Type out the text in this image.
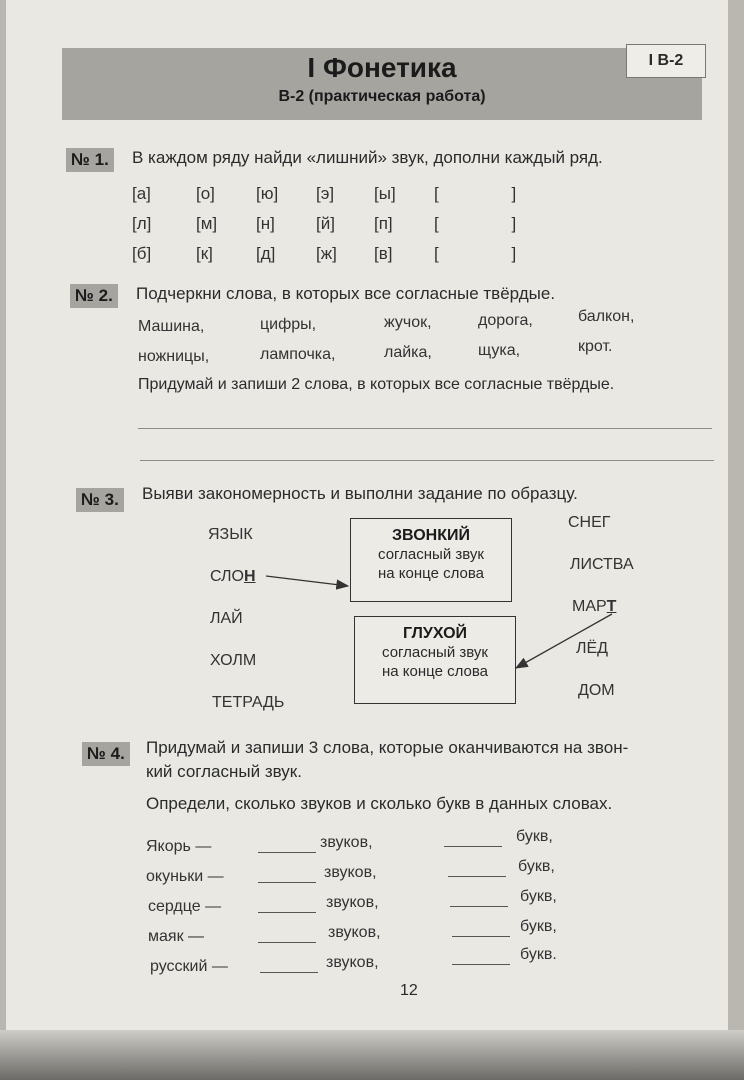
I Фонетика
В-2 (практическая работа)
I В-2
№ 1. В каждом ряду найди «лишний» звук, дополни каждый ряд.
[а]	[о] [ю] [э] [ы] [ ]
[л]	[м] [н] [й] [п] [ ]
[б]	[к]	[д] [ж] [в] [ ]
№ 2. Подчеркни слова, в которых все согласные твёрдые.
Машина,	цифры,	жучок,	дорога,	балкон,
ножницы,	лампочка,	лайка,	щука,	крот.
Придумай и запиши 2 слова, в которых все согласные твёрдые.
№ 3. Выяви закономерность и выполни задание по образцу.
ЯЗЫК
СЛОН
ЛАЙ
ХОЛМ
ТЕТРАДЬ
ЗВОНКИЙ
согласный звук
на конце слова
ГЛУХОЙ
согласный звук
на конце слова
СНЕГ
ЛИСТВА
МАРТ
ЛЁД
ДОМ
№ 4. Придумай и запиши 3 слова, которые оканчиваются на звон-
кий согласный звук.
Определи, сколько звуков и сколько букв в данных словах.
Якорь —	звуков,	букв,
окуньки —	звуков,	букв,
сердце —	звуков,	букв,
маяк —	звуков,	букв,
русский —	звуков,	букв.
12
